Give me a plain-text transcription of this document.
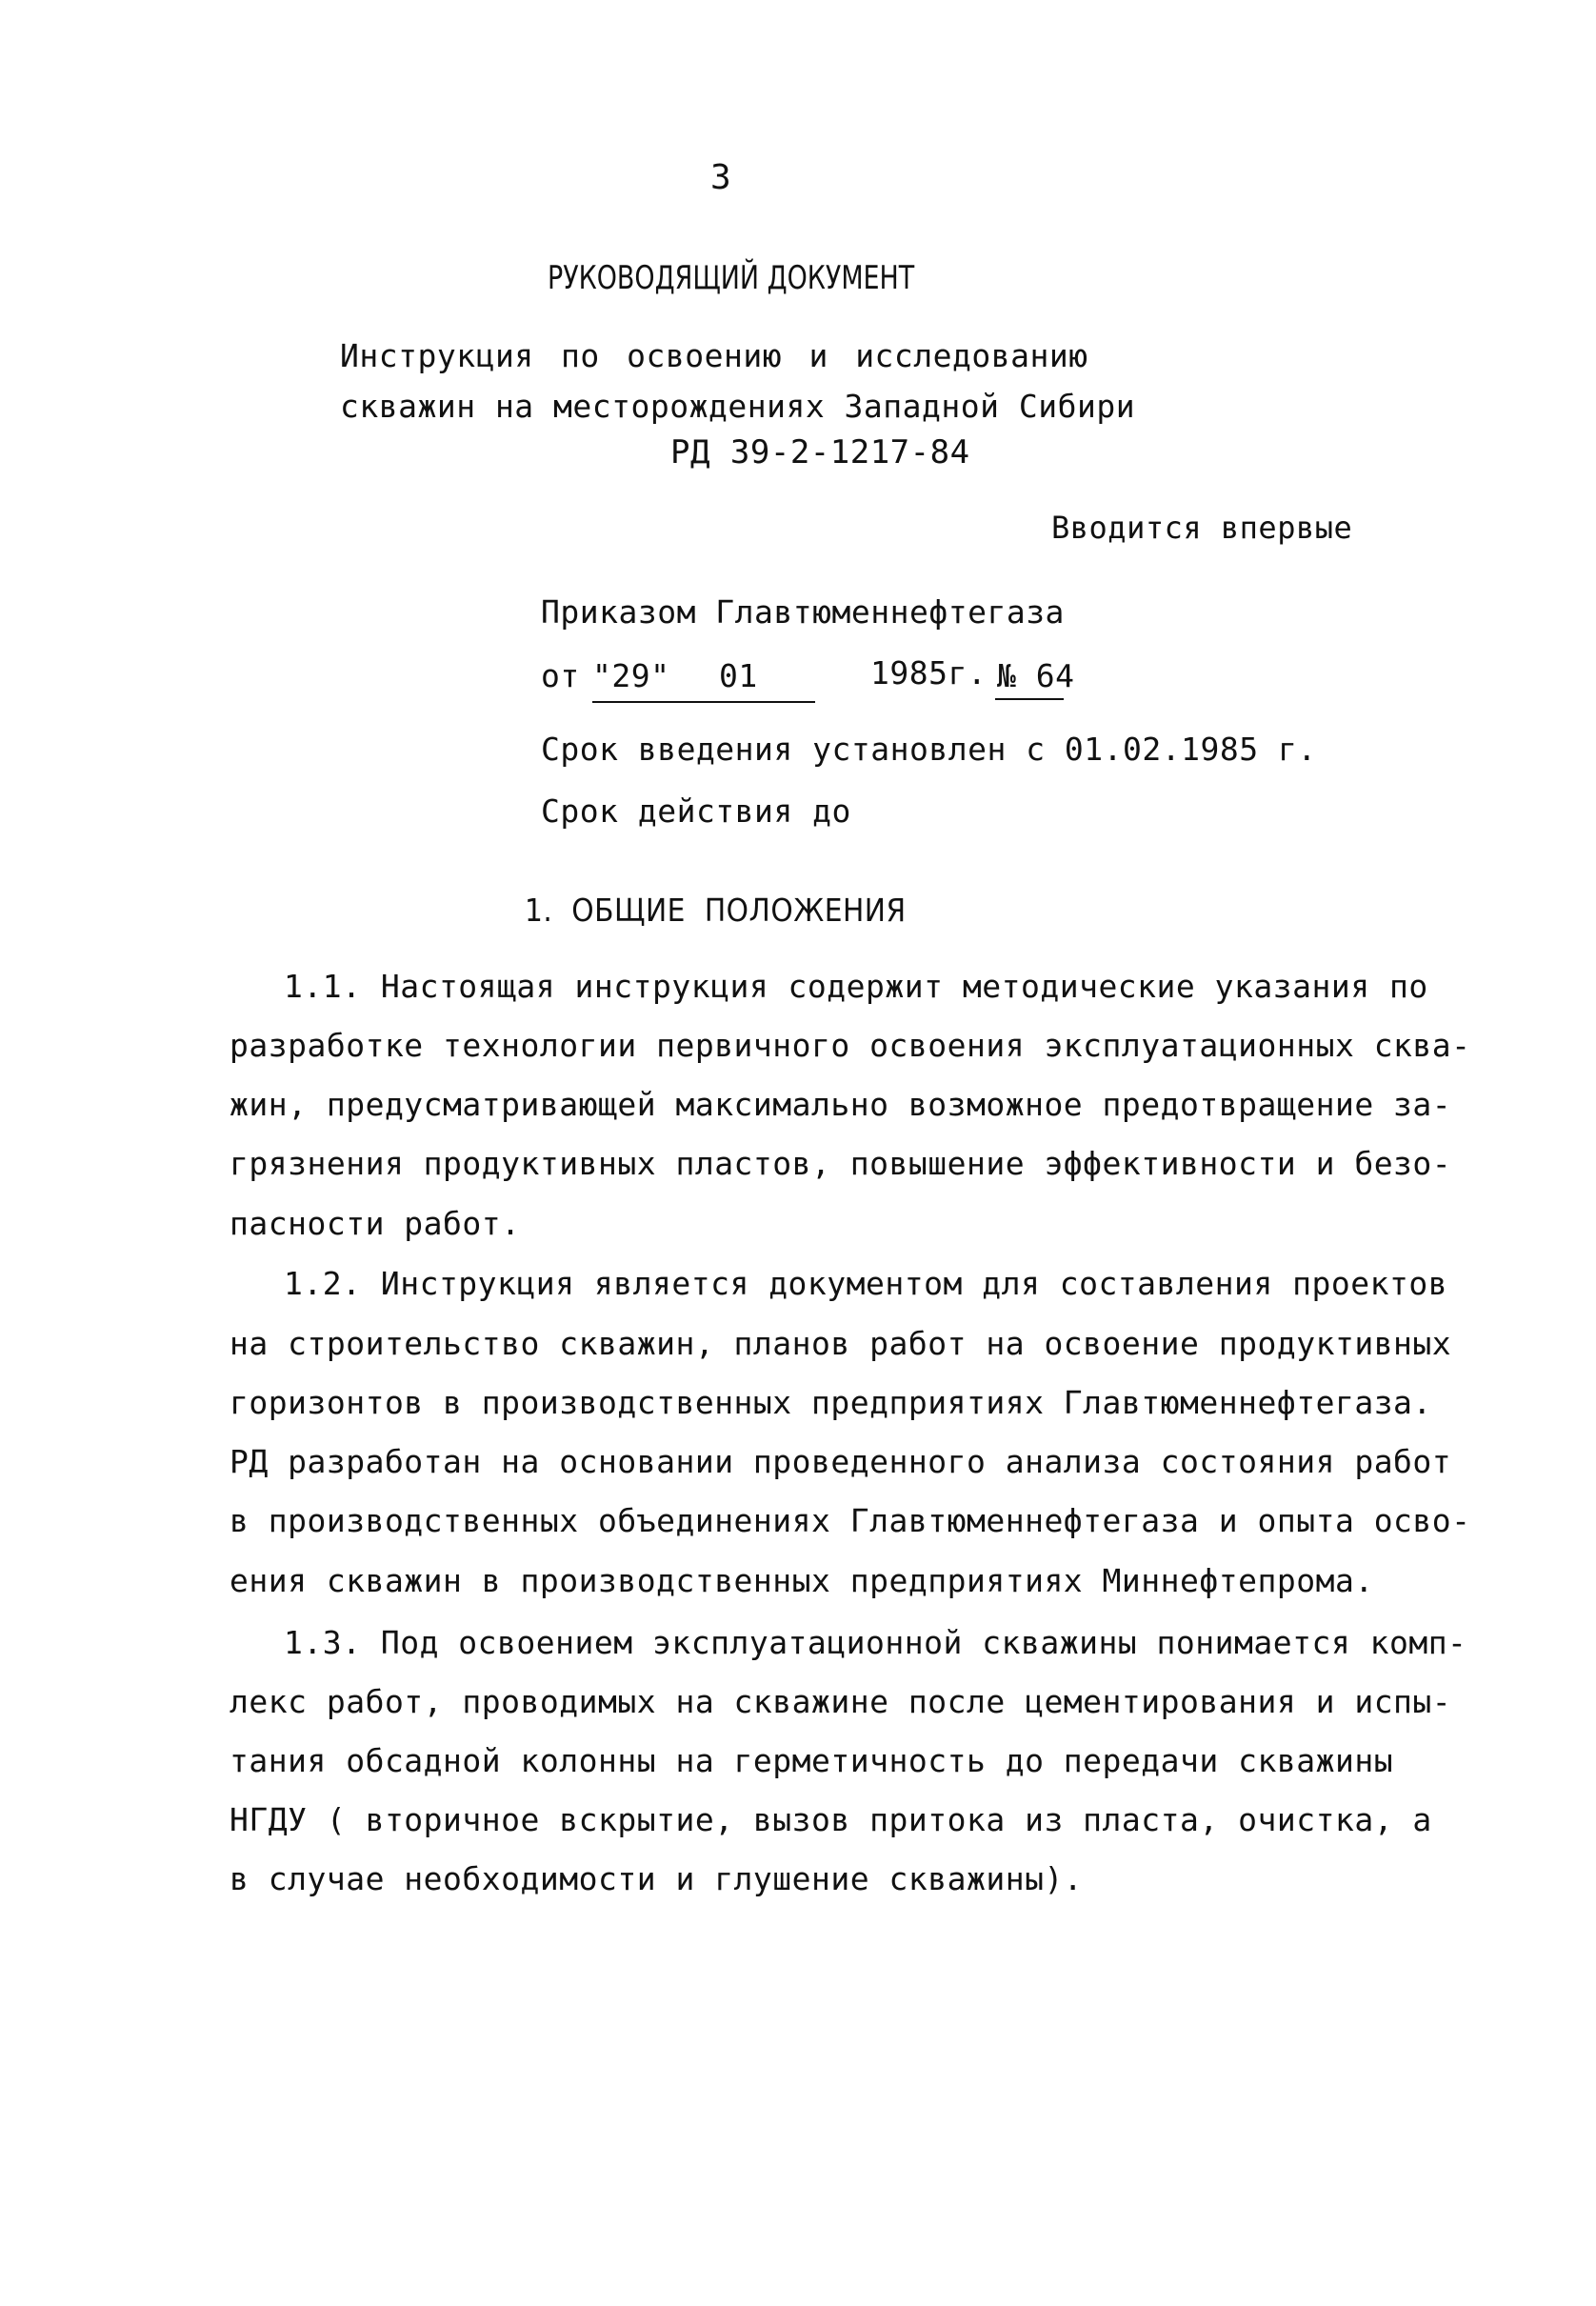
3
РУКОВОДЯЩИЙ ДОКУМЕНТ
Инструкция по освоению и исследованию
скважин на месторождениях Западной Сибири
РД 39-2-1217-84
Вводится впервые
Приказом Главтюменнефтегаза
от "29" 01	1985г. № 64
Срок введения установлен с 01.02.1985 г.
Срок действия до
1. ОБЩИЕ ПОЛОЖЕНИЯ
1.1. Настоящая инструкция содержит методические указания по
разработке технологии первичного освоения эксплуатационных сква-
жин, предусматривающей максимально возможное предотвращение за-
грязнения продуктивных пластов, повышение эффективности и безо-
пасности работ.
1.2. Инструкция является документом для составления проектов
на строительство скважин, планов работ на освоение продуктивных
горизонтов в производственных предприятиях Главтюменнефтегаза.
РД разработан на основании проведенного анализа состояния работ
в производственных объединениях Главтюменнефтегаза и опыта осво-
ения скважин в производственных предприятиях Миннефтепрома.
1.3. Под освоением эксплуатационной скважины понимается комп-
лекс работ, проводимых на скважине после цементирования и испы-
тания обсадной колонны на герметичность до передачи скважины
НГДУ ( вторичное вскрытие, вызов притока из пласта, очистка, а
в случае необходимости и глушение скважины).
